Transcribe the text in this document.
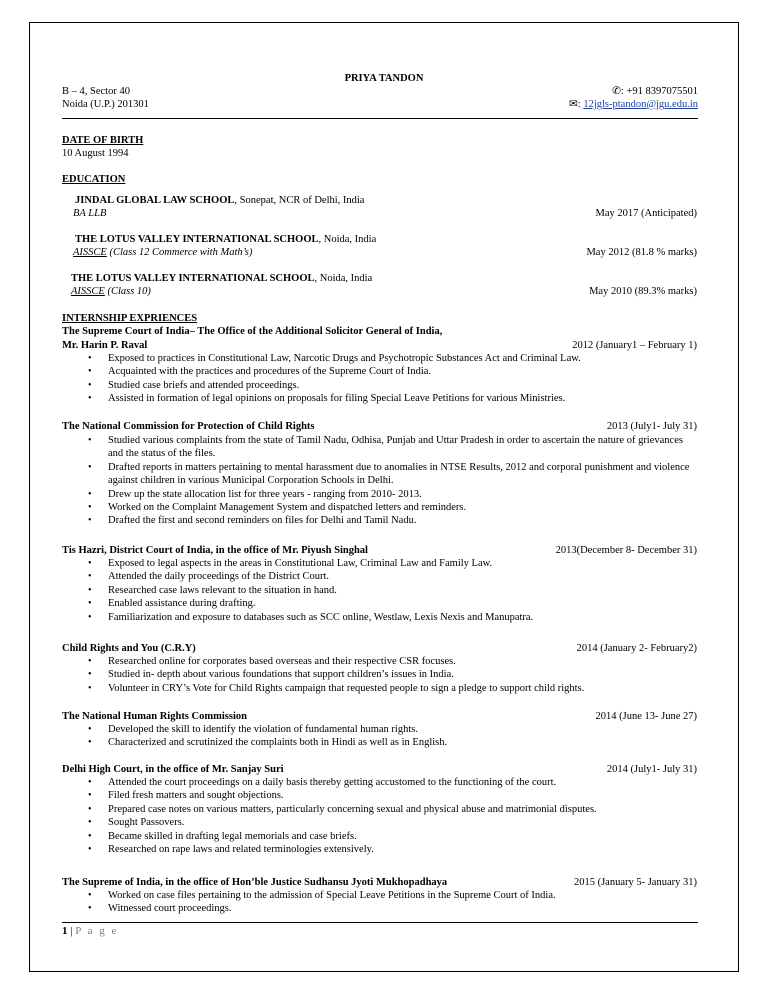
PRIYA TANDON
B – 4, Sector 40
Noida (U.P.) 201301
✆: +91 8397075501
✉: 12jgls-ptandon@jgu.edu.in
DATE OF BIRTH
10 August 1994
EDUCATION
JINDAL GLOBAL LAW SCHOOL, Sonepat, NCR of Delhi, India
BA LLB	May 2017 (Anticipated)
THE LOTUS VALLEY INTERNATIONAL SCHOOL, Noida, India
AISSCE (Class 12 Commerce with Math’s)	May 2012 (81.8 % marks)
THE LOTUS VALLEY INTERNATIONAL SCHOOL, Noida, India
AISSCE (Class 10)	May 2010 (89.3% marks)
INTERNSHIP EXPRIENCES
The Supreme Court of India– The Office of the Additional Solicitor General of India,
Mr. Harin P. Raval	2012 (January1 – February 1)
• Exposed to practices in Constitutional Law, Narcotic Drugs and Psychotropic Substances Act and Criminal Law.
• Acquainted with the practices and procedures of the Supreme Court of India.
• Studied case briefs and attended proceedings.
• Assisted in formation of legal opinions on proposals for filing Special Leave Petitions for various Ministries.
The National Commission for Protection of Child Rights	2013 (July1- July 31)
• Studied various complaints from the state of Tamil Nadu, Odhisa, Punjab and Uttar Pradesh in order to ascertain the nature of grievances and the status of the files.
• Drafted reports in matters pertaining to mental harassment due to anomalies in NTSE Results, 2012 and corporal punishment and violence against children in various Municipal Corporation Schools in Delhi.
• Drew up the state allocation list for three years - ranging from 2010- 2013.
• Worked on the Complaint Management System and dispatched letters and reminders.
• Drafted the first and second reminders on files for Delhi and Tamil Nadu.
Tis Hazri, District Court of India, in the office of Mr. Piyush Singhal	2013(December 8- December 31)
• Exposed to legal aspects in the areas in Constitutional Law, Criminal Law and Family Law.
• Attended the daily proceedings of the District Court.
• Researched case laws relevant to the situation in hand.
• Enabled assistance during drafting.
• Familiarization and exposure to databases such as SCC online, Westlaw, Lexis Nexis and Manupatra.
Child Rights and You (C.R.Y)	2014 (January 2- February2)
• Researched online for corporates based overseas and their respective CSR focuses.
• Studied in- depth about various foundations that support children’s issues in India.
• Volunteer in CRY’s Vote for Child Rights campaign that requested people to sign a pledge to support child rights.
The National Human Rights Commission	2014 (June 13- June 27)
• Developed the skill to identify the violation of fundamental human rights.
• Characterized and scrutinized the complaints both in Hindi as well as in English.
Delhi High Court, in the office of Mr. Sanjay Suri	2014 (July1- July 31)
• Attended the court proceedings on a daily basis thereby getting accustomed to the functioning of the court.
• Filed fresh matters and sought objections.
• Prepared case notes on various matters, particularly concerning sexual and physical abuse and matrimonial disputes.
• Sought Passovers.
• Became skilled in drafting legal memorials and case briefs.
• Researched on rape laws and related terminologies extensively.
The Supreme of India, in the office of Hon’ble Justice Sudhansu Jyoti Mukhopadhaya	2015 (January 5- January 31)
• Worked on case files pertaining to the admission of Special Leave Petitions in the Supreme Court of India.
• Witnessed court proceedings.
1 | P a g e
